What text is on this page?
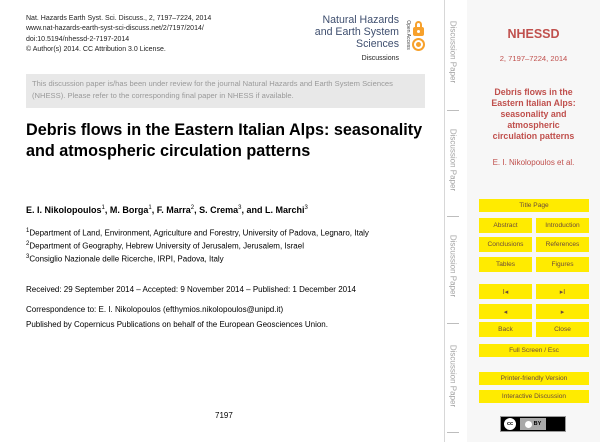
Nat. Hazards Earth Syst. Sci. Discuss., 2, 7197–7224, 2014
www.nat-hazards-earth-syst-sci-discuss.net/2/7197/2014/
doi:10.5194/nhessd-2-7197-2014
© Author(s) 2014. CC Attribution 3.0 License.
Natural Hazards
and Earth System
Sciences
Discussions
Open Access
This discussion paper is/has been under review for the journal Natural Hazards and Earth System Sciences (NHESS). Please refer to the corresponding final paper in NHESS if available.
Debris flows in the Eastern Italian Alps: seasonality and atmospheric circulation patterns
E. I. Nikolopoulos$^1$, M. Borga$^1$, F. Marra$^2$, S. Crema$^3$, and L. Marchi$^3$
$^1$Department of Land, Environment, Agriculture and Forestry, University of Padova, Legnaro, Italy
$^2$Department of Geography, Hebrew University of Jerusalem, Jerusalem, Israel
$^3$Consiglio Nazionale delle Ricerche, IRPI, Padova, Italy
Received: 29 September 2014 – Accepted: 9 November 2014 – Published: 1 December 2014
Correspondence to: E. I. Nikolopoulos (efthymios.nikolopoulos@unipd.it)
Published by Copernicus Publications on behalf of the European Geosciences Union.
7197
Discussion Paper
Discussion Paper
Discussion Paper
Discussion Paper
NHESSD
2, 7197–7224, 2014
Debris flows in the
Eastern Italian Alps:
seasonality and
atmospheric
circulation patterns
E. I. Nikolopoulos et al.
Title Page
Abstract	Introduction
Conclusions	References
Tables	Figures
I◂	▸I
◂	▸
Back	Close
Full Screen / Esc
Printer-friendly Version
Interactive Discussion
cc	BY
